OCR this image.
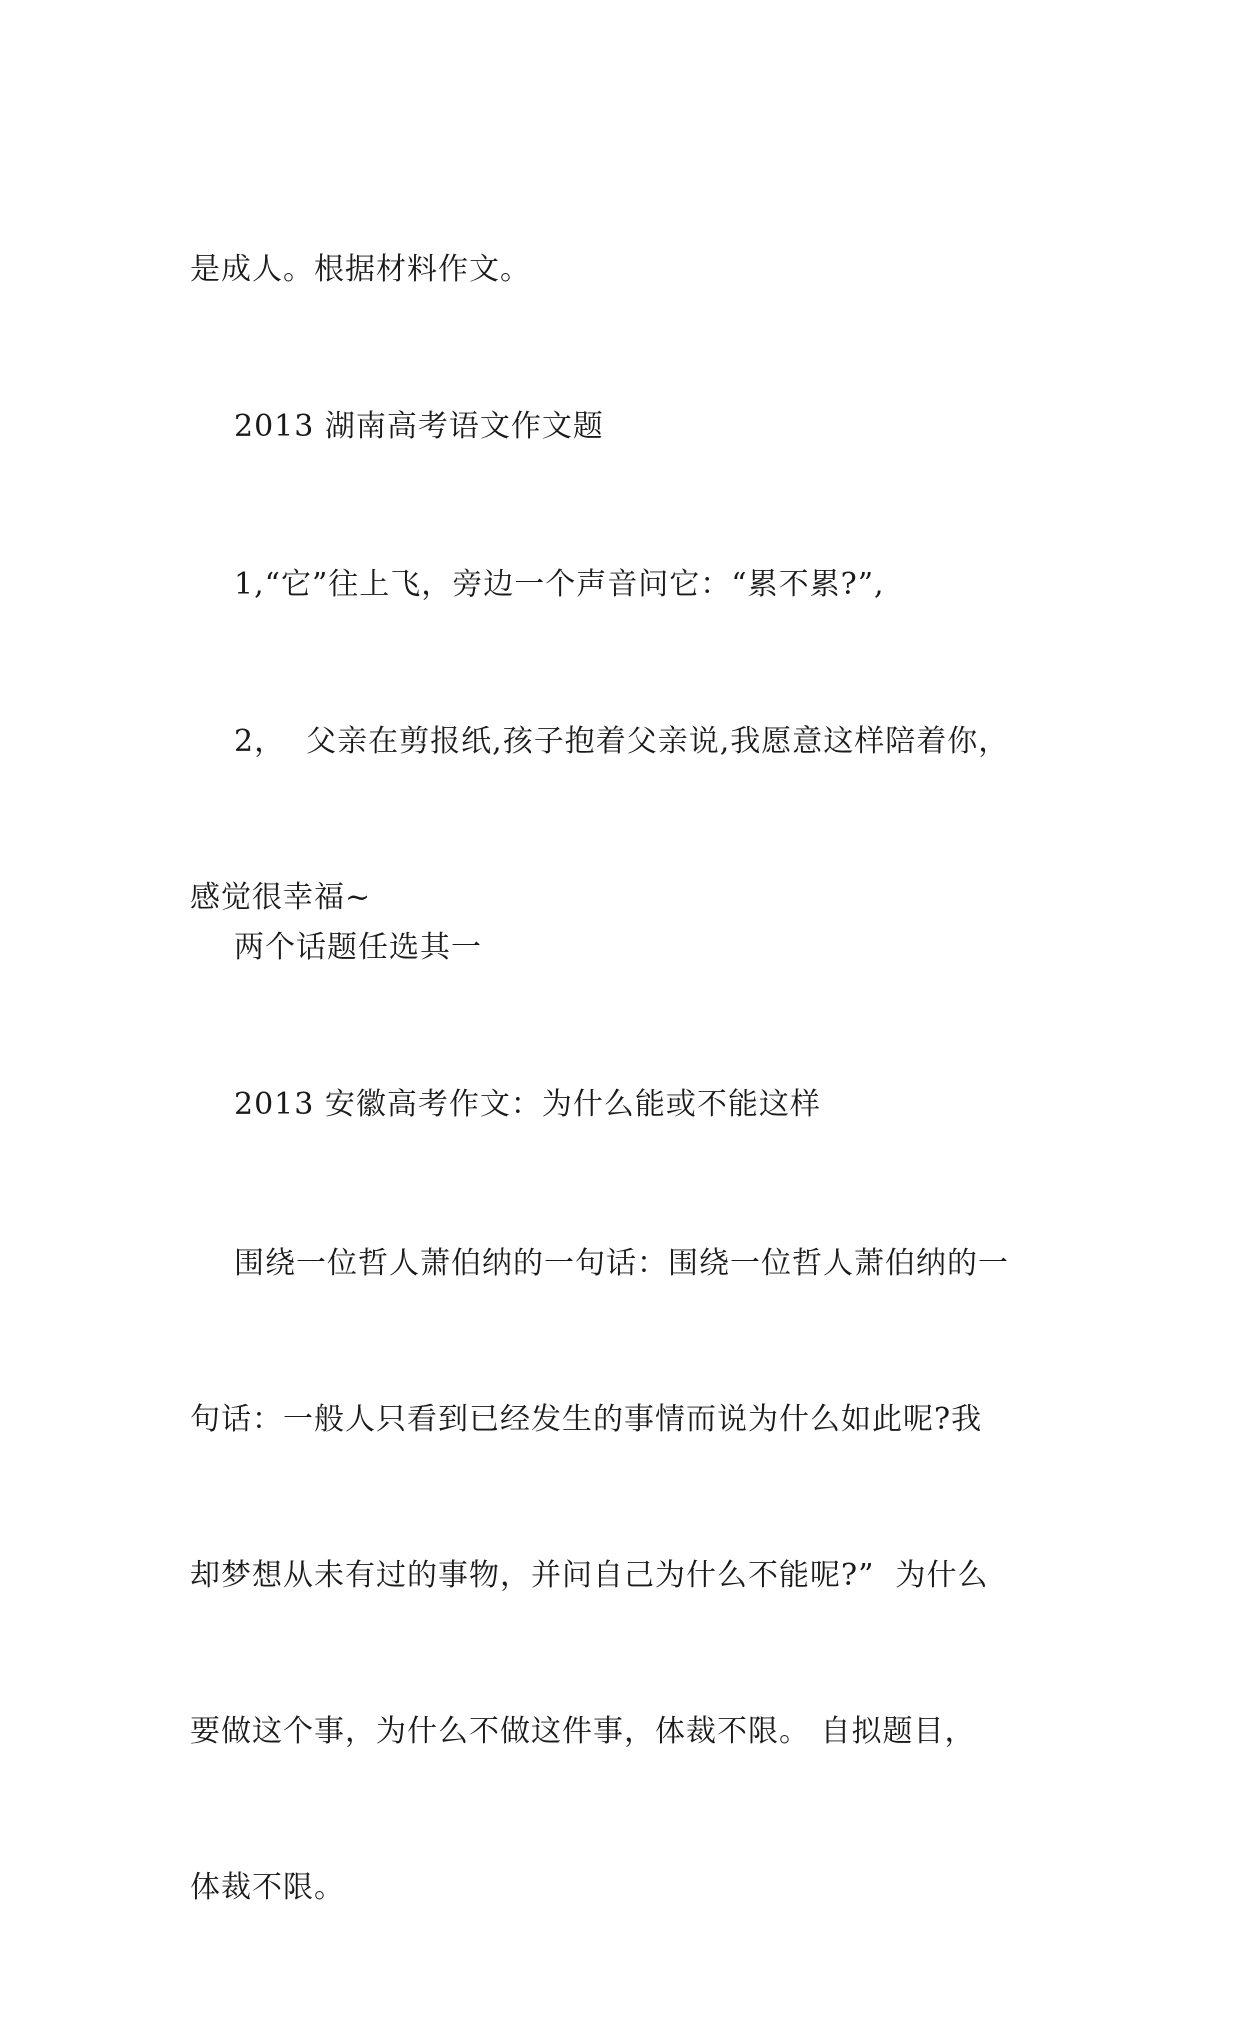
是成人。根据材料作文。

2013 湖南高考语文作文题

1,“它”往上飞，旁边一个声音问它：“累不累?”,

2，  父亲在剪报纸,孩子抱着父亲说,我愿意这样陪着你，

感觉很幸福~

两个话题任选其一

2013 安徽高考作文：为什么能或不能这样

围绕一位哲人萧伯纳的一句话：围绕一位哲人萧伯纳的一

句话：一般人只看到已经发生的事情而说为什么如此呢?我

却梦想从未有过的事物，并问自己为什么不能呢?”  为什么

要做这个事，为什么不做这件事，体裁不限。 自拟题目，

体裁不限。
